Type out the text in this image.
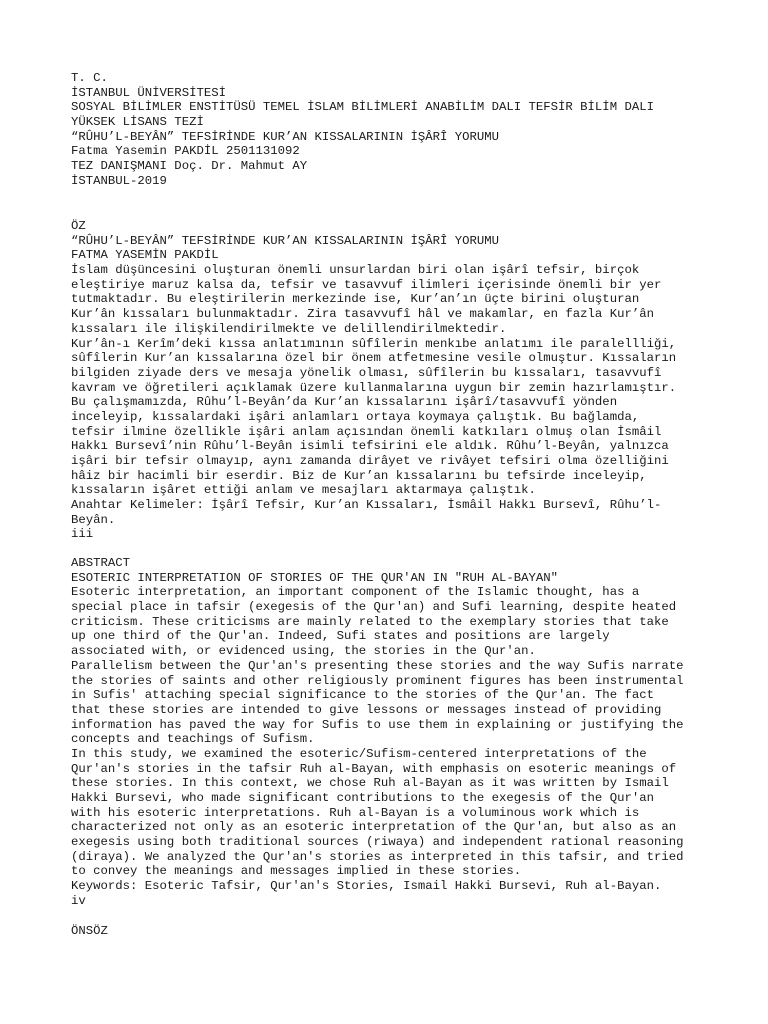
T. C.
İSTANBUL ÜNİVERSİTESİ
SOSYAL BİLİMLER ENSTİTÜSÜ TEMEL İSLAM BİLİMLERİ ANABİLİM DALI TEFSİR BİLİM DALI
YÜKSEK LİSANS TEZİ
“RÛHU’L-BEYÂN” TEFSİRİNDE KUR’AN KISSALARININ İŞÂRÎ YORUMU
Fatma Yasemin PAKDİL 2501131092
TEZ DANIŞMANI Doç. Dr. Mahmut AY
İSTANBUL-2019
ÖZ
“RÛHU’L-BEYÂN” TEFSİRİNDE KUR’AN KISSALARININ İŞÂRÎ YORUMU
FATMA YASEMİN PAKDİL
İslam düşüncesini oluşturan önemli unsurlardan biri olan işârî tefsir, birçok
eleştiriye maruz kalsa da, tefsir ve tasavvuf ilimleri içerisinde önemli bir yer
tutmaktadır. Bu eleştirilerin merkezinde ise, Kur’an’ın üçte birini oluşturan
Kur’ân kıssaları bulunmaktadır. Zira tasavvufî hâl ve makamlar, en fazla Kur’ân
kıssaları ile ilişkilendirilmekte ve delillendirilmektedir.
Kur’ân-ı Kerîm’deki kıssa anlatımının sûfîlerin menkıbe anlatımı ile paralellliği,
sûfîlerin Kur’an kıssalarına özel bir önem atfetmesine vesile olmuştur. Kıssaların
bilgiden ziyade ders ve mesaja yönelik olması, sûfîlerin bu kıssaları, tasavvufî
kavram ve öğretileri açıklamak üzere kullanmalarına uygun bir zemin hazırlamıştır.
Bu çalışmamızda, Rûhu’l-Beyân’da Kur’an kıssalarını işârî/tasavvufî yönden
inceleyip, kıssalardaki işâri anlamları ortaya koymaya çalıştık. Bu bağlamda,
tefsir ilmine özellikle işâri anlam açısından önemli katkıları olmuş olan İsmâil
Hakkı Bursevî’nin Rûhu’l-Beyân isimli tefsirini ele aldık. Rûhu’l-Beyân, yalnızca
işâri bir tefsir olmayıp, aynı zamanda dirâyet ve rivâyet tefsiri olma özelliğini
hâiz bir hacimli bir eserdir. Biz de Kur’an kıssalarını bu tefsirde inceleyip,
kıssaların işâret ettiği anlam ve mesajları aktarmaya çalıştık.
Anahtar Kelimeler: İşârî Tefsir, Kur’an Kıssaları, İsmâil Hakkı Bursevî, Rûhu’l-
Beyân.
iii
ABSTRACT
ESOTERIC INTERPRETATION OF STORIES OF THE QUR'AN IN "RUH AL-BAYAN"
Esoteric interpretation, an important component of the Islamic thought, has a
special place in tafsir (exegesis of the Qur'an) and Sufi learning, despite heated
criticism. These criticisms are mainly related to the exemplary stories that take
up one third of the Qur'an. Indeed, Sufi states and positions are largely
associated with, or evidenced using, the stories in the Qur'an.
Parallelism between the Qur'an's presenting these stories and the way Sufis narrate
the stories of saints and other religiously prominent figures has been instrumental
in Sufis' attaching special significance to the stories of the Qur'an. The fact
that these stories are intended to give lessons or messages instead of providing
information has paved the way for Sufis to use them in explaining or justifying the
concepts and teachings of Sufism.
In this study, we examined the esoteric/Sufism-centered interpretations of the
Qur'an's stories in the tafsir Ruh al-Bayan, with emphasis on esoteric meanings of
these stories. In this context, we chose Ruh al-Bayan as it was written by Ismail
Hakki Bursevi, who made significant contributions to the exegesis of the Qur'an
with his esoteric interpretations. Ruh al-Bayan is a voluminous work which is
characterized not only as an esoteric interpretation of the Qur'an, but also as an
exegesis using both traditional sources (riwaya) and independent rational reasoning
(diraya). We analyzed the Qur'an's stories as interpreted in this tafsir, and tried
to convey the meanings and messages implied in these stories.
Keywords: Esoteric Tafsir, Qur'an's Stories, Ismail Hakki Bursevi, Ruh al-Bayan.
iv
ÖNSÖZ
